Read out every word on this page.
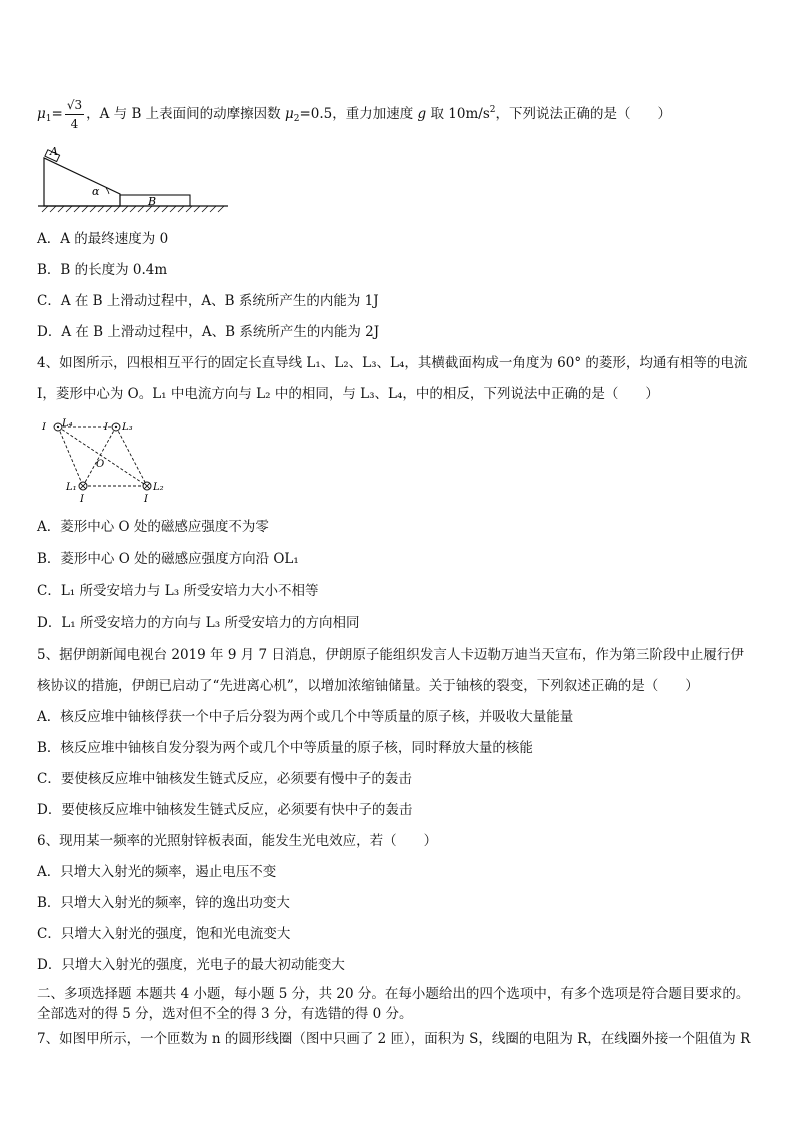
$\mu_1= \frac{√3}{4}$ ，A 与 B 上表面间的动摩擦因数 $\mu_2=0.5$，重力加速度 g 取 $10m/s^2$，下列说法正确的是（　　）
A
α
B
A．A 的最终速度为 0
B．B 的长度为 0.4m
C．A 在 B 上滑动过程中，A、B 系统所产生的内能为 1J
D．A 在 B 上滑动过程中，A、B 系统所产生的内能为 2J
4、如图所示，四根相互平行的固定长直导线 L₁、L₂、L₃、L₄，其横截面构成一角度为 60° 的菱形，均通有相等的电流
I，菱形中心为 O。L₁ 中电流方向与 L₂ 中的相同，与 L₃、L₄，中的相反，下列说法中正确的是（　　）
I L₄	I L₃
O
L₁
I
L₂
I
A．菱形中心 O 处的磁感应强度不为零
B．菱形中心 O 处的磁感应强度方向沿 OL₁
C．L₁ 所受安培力与 L₃ 所受安培力大小不相等
D．L₁ 所受安培力的方向与 L₃ 所受安培力的方向相同
5、据伊朗新闻电视台 2019 年 9 月 7 日消息，伊朗原子能组织发言人卡迈勒万迪当天宣布，作为第三阶段中止履行伊
核协议的措施，伊朗已启动了“先进离心机”，以增加浓缩铀储量。关于铀核的裂变，下列叙述正确的是（　　）
A．核反应堆中铀核俘获一个中子后分裂为两个或几个中等质量的原子核，并吸收大量能量
B．核反应堆中铀核自发分裂为两个或几个中等质量的原子核，同时释放大量的核能
C．要使核反应堆中铀核发生链式反应，必须要有慢中子的轰击
D．要使核反应堆中铀核发生链式反应，必须要有快中子的轰击
6、现用某一频率的光照射锌板表面，能发生光电效应，若（　　）
A．只增大入射光的频率，遏止电压不变
B．只增大入射光的频率，锌的逸出功变大
C．只增大入射光的强度，饱和光电流变大
D．只增大入射光的强度，光电子的最大初动能变大
二、多项选择题 本题共 4 小题，每小题 5 分，共 20 分。在每小题给出的四个选项中，有多个选项是符合题目要求的。
全部选对的得 5 分，选对但不全的得 3 分，有选错的得 0 分。
7、如图甲所示，一个匝数为 n 的圆形线圈（图中只画了 2 匝），面积为 S，线圈的电阻为 R，在线圈外接一个阻值为 R
